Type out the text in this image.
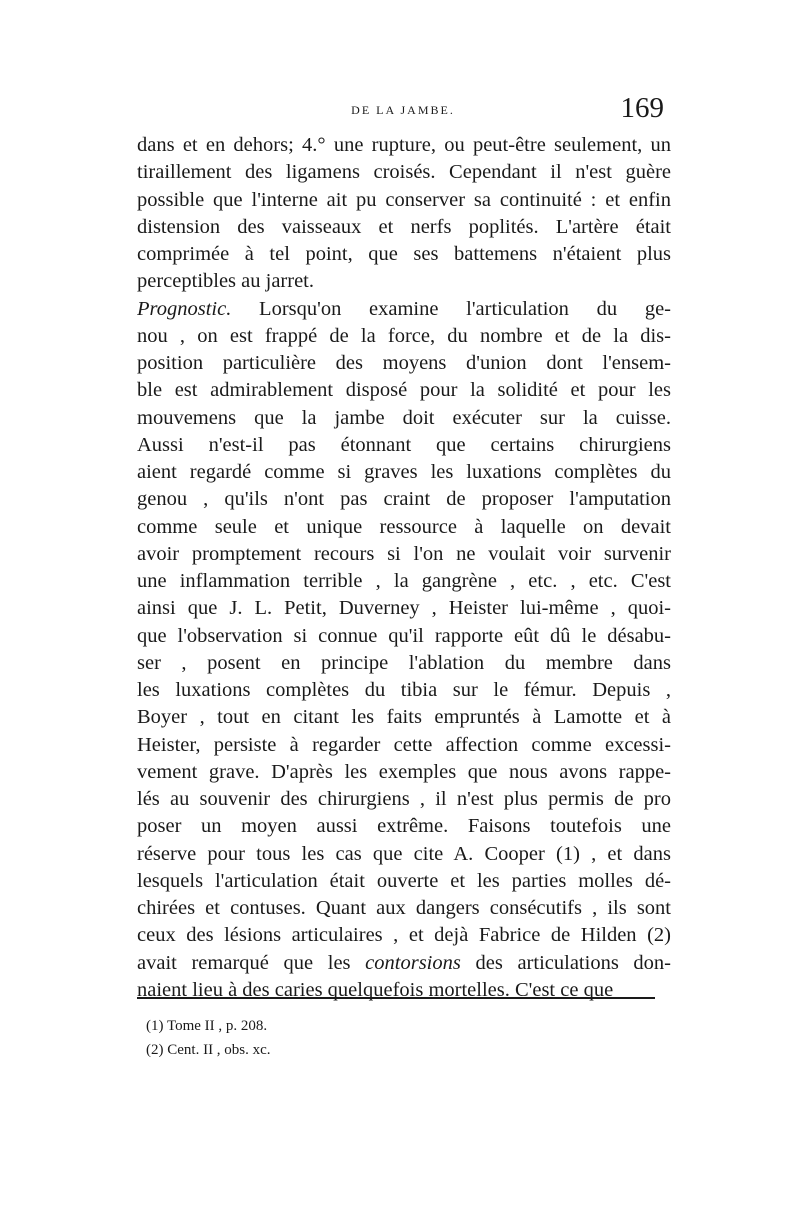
DE LA JAMBE.	169
dans et en dehors; 4.° une rupture, ou peut-être seulement, un
tiraillement des ligamens croisés. Cependant il n'est guère
possible que l'interne ait pu conserver sa continuité : et enfin
distension des vaisseaux et nerfs poplités. L'artère était
comprimée à tel point, que ses battemens n'étaient plus
perceptibles au jarret.
Prognostic. Lorsqu'on examine l'articulation du ge-
nou , on est frappé de la force, du nombre et de la dis-
position particulière des moyens d'union dont l'ensem-
ble est admirablement disposé pour la solidité et pour les
mouvemens que la jambe doit exécuter sur la cuisse.
Aussi n'est-il pas étonnant que certains chirurgiens
aient regardé comme si graves les luxations complètes du
genou , qu'ils n'ont pas craint de proposer l'amputation
comme seule et unique ressource à laquelle on devait
avoir promptement recours si l'on ne voulait voir survenir
une inflammation terrible , la gangrène , etc. , etc. C'est
ainsi que J. L. Petit, Duverney , Heister lui-même , quoi-
que l'observation si connue qu'il rapporte eût dû le désabu-
ser , posent en principe l'ablation du membre dans
les luxations complètes du tibia sur le fémur. Depuis ,
Boyer , tout en citant les faits empruntés à Lamotte et à
Heister, persiste à regarder cette affection comme excessi-
vement grave. D'après les exemples que nous avons rappe-
lés au souvenir des chirurgiens , il n'est plus permis de pro
poser un moyen aussi extrême. Faisons toutefois une
réserve pour tous les cas que cite A. Cooper (1) , et dans
lesquels l'articulation était ouverte et les parties molles dé-
chirées et contuses. Quant aux dangers consécutifs , ils sont
ceux des lésions articulaires , et dejà Fabrice de Hilden (2)
avait remarqué que les contorsions des articulations don-
naient lieu à des caries quelquefois mortelles. C'est ce que
(1) Tome II , p. 208.
(2) Cent. II , obs. xc.
